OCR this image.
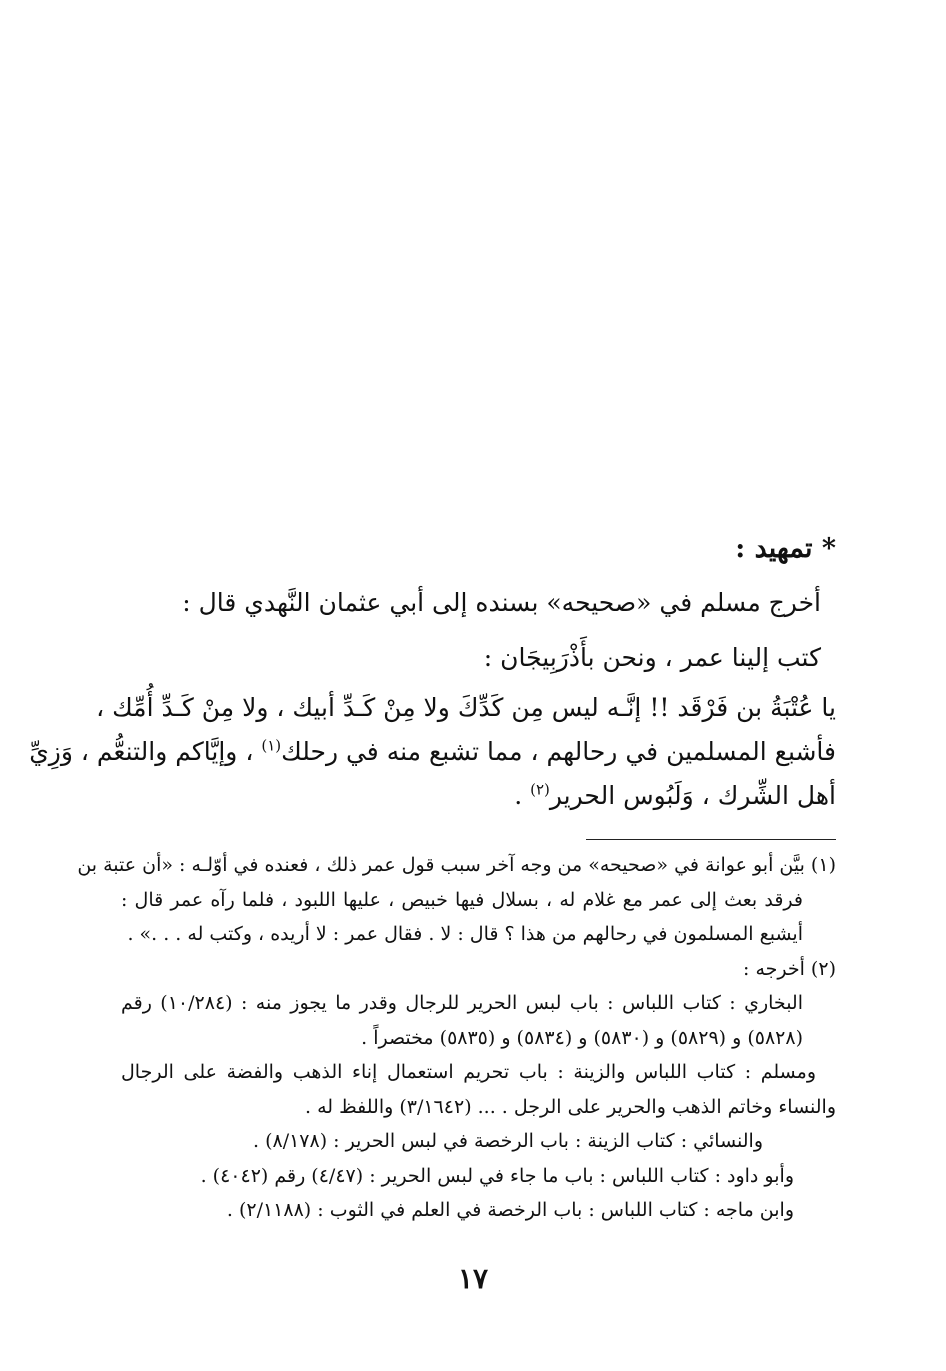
* تمهيد :
أخرج مسلم في «صحيحه» بسنده إلى أبي عثمان النَّهدي قال :
كتب إلينا عمر ، ونحن بأَذْرَبِيجَان :
يا عُتْبَةُ بن فَرْقَد !! إنَّـه ليس مِن كَدِّكَ ولا مِنْ كَـدِّ أبيك ، ولا مِنْ كَـدِّ أُمِّك ،
فأشبع المسلمين في رحالهم ، مما تشبع منه في رحلك$^{(١)}$ ، وإيَّاكم والتنعُّم ، وَزِيِّ
أهل الشِّرك ، وَلَبُوس الحرير$^{(٢)}$ .
(١) بيَّن أبو عوانة في «صحيحه» من وجه آخر سبب قول عمر ذلك ، فعنده في أوّلـه : «أن عتبة بن
فرقد بعث إلى عمر مع غلام له ، بسلال فيها خبيص ، عليها اللبود ، فلما رآه عمر قال :
أيشبع المسلمون في رحالهم من هذا ؟ قال : لا . فقال عمر : لا أريده ، وكتب له . . .» .
(٢) أخرجه :
البخاري : كتاب اللباس : باب لبس الحرير للرجال وقدر ما يجوز منه : (١٠/٢٨٤) رقم
(٥٨٢٨) و (٥٨٢٩) و (٥٨٣٠) و (٥٨٣٤) و (٥٨٣٥) مختصراً .
ومسلم : كتاب اللباس والزينة : باب تحريم استعمال إناء الذهب والفضة على الرجال
والنساء وخاتم الذهب والحرير على الرجل . ... (٣/١٦٤٢) واللفظ له .
والنسائي : كتاب الزينة : باب الرخصة في لبس الحرير : (٨/١٧٨) .
وأبو داود : كتاب اللباس : باب ما جاء في لبس الحرير : (٤/٤٧) رقم (٤٠٤٢) .
وابن ماجه : كتاب اللباس : باب الرخصة في العلم في الثوب : (٢/١١٨٨) .
١٧
